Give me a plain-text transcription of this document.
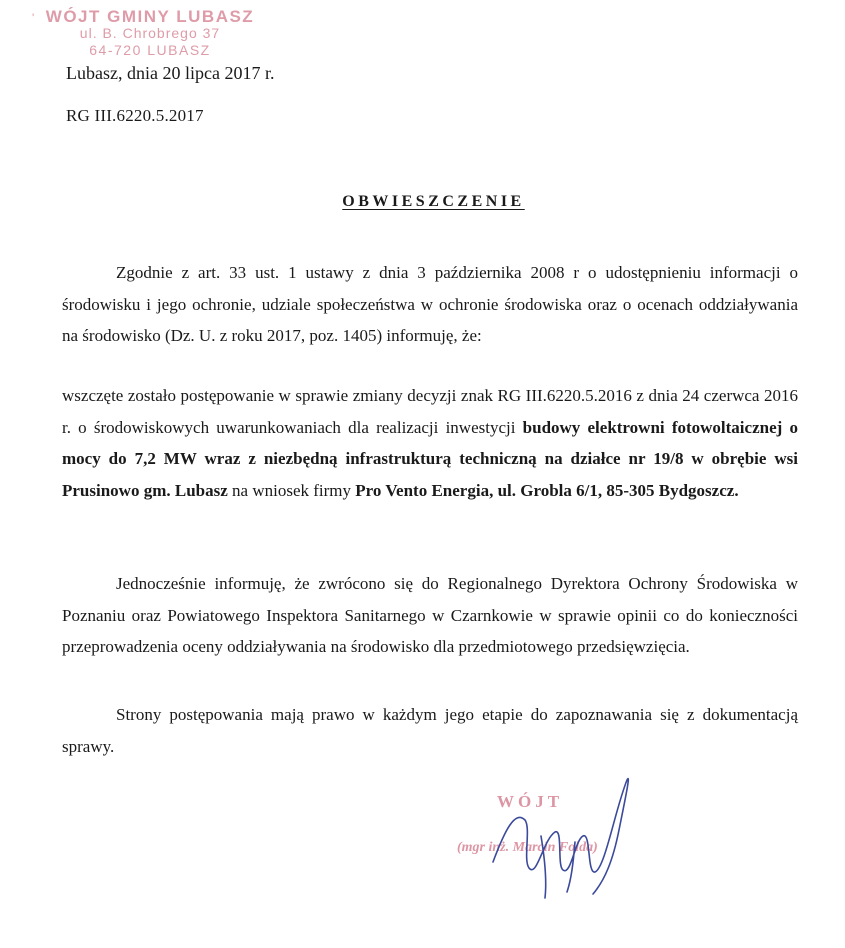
' WÓJT GMINY LUBASZ
ul. B. Chrobrego 37
64-720 LUBASZ
Lubasz, dnia 20 lipca 2017 r.
RG III.6220.5.2017
OBWIESZCZENIE
Zgodnie z art. 33 ust. 1 ustawy z dnia 3 października 2008 r o udostępnieniu informacji o środowisku i jego ochronie, udziale społeczeństwa w ochronie środowiska oraz o ocenach oddziaływania na środowisko (Dz. U. z roku 2017, poz. 1405) informuję, że:
wszczęte zostało postępowanie w sprawie zmiany decyzji znak RG III.6220.5.2016 z dnia 24 czerwca 2016 r. o środowiskowych uwarunkowaniach dla realizacji inwestycji budowy elektrowni fotowoltaicznej o mocy do 7,2 MW wraz z niezbędną infrastrukturą techniczną na działce nr 19/8 w obrębie wsi Prusinowo gm. Lubasz na wniosek firmy Pro Vento Energia, ul. Grobla 6/1, 85-305 Bydgoszcz.
Jednocześnie informuję, że zwrócono się do Regionalnego Dyrektora Ochrony Środowiska w Poznaniu oraz Powiatowego Inspektora Sanitarnego w Czarnkowie w sprawie opinii co do konieczności przeprowadzenia oceny oddziaływania na środowisko dla przedmiotowego przedsięwzięcia.
Strony postępowania mają prawo w każdym jego etapie do zapoznawania się z dokumentacją sprawy.
WÓJT
(mgr inż. Marcin Folda)
